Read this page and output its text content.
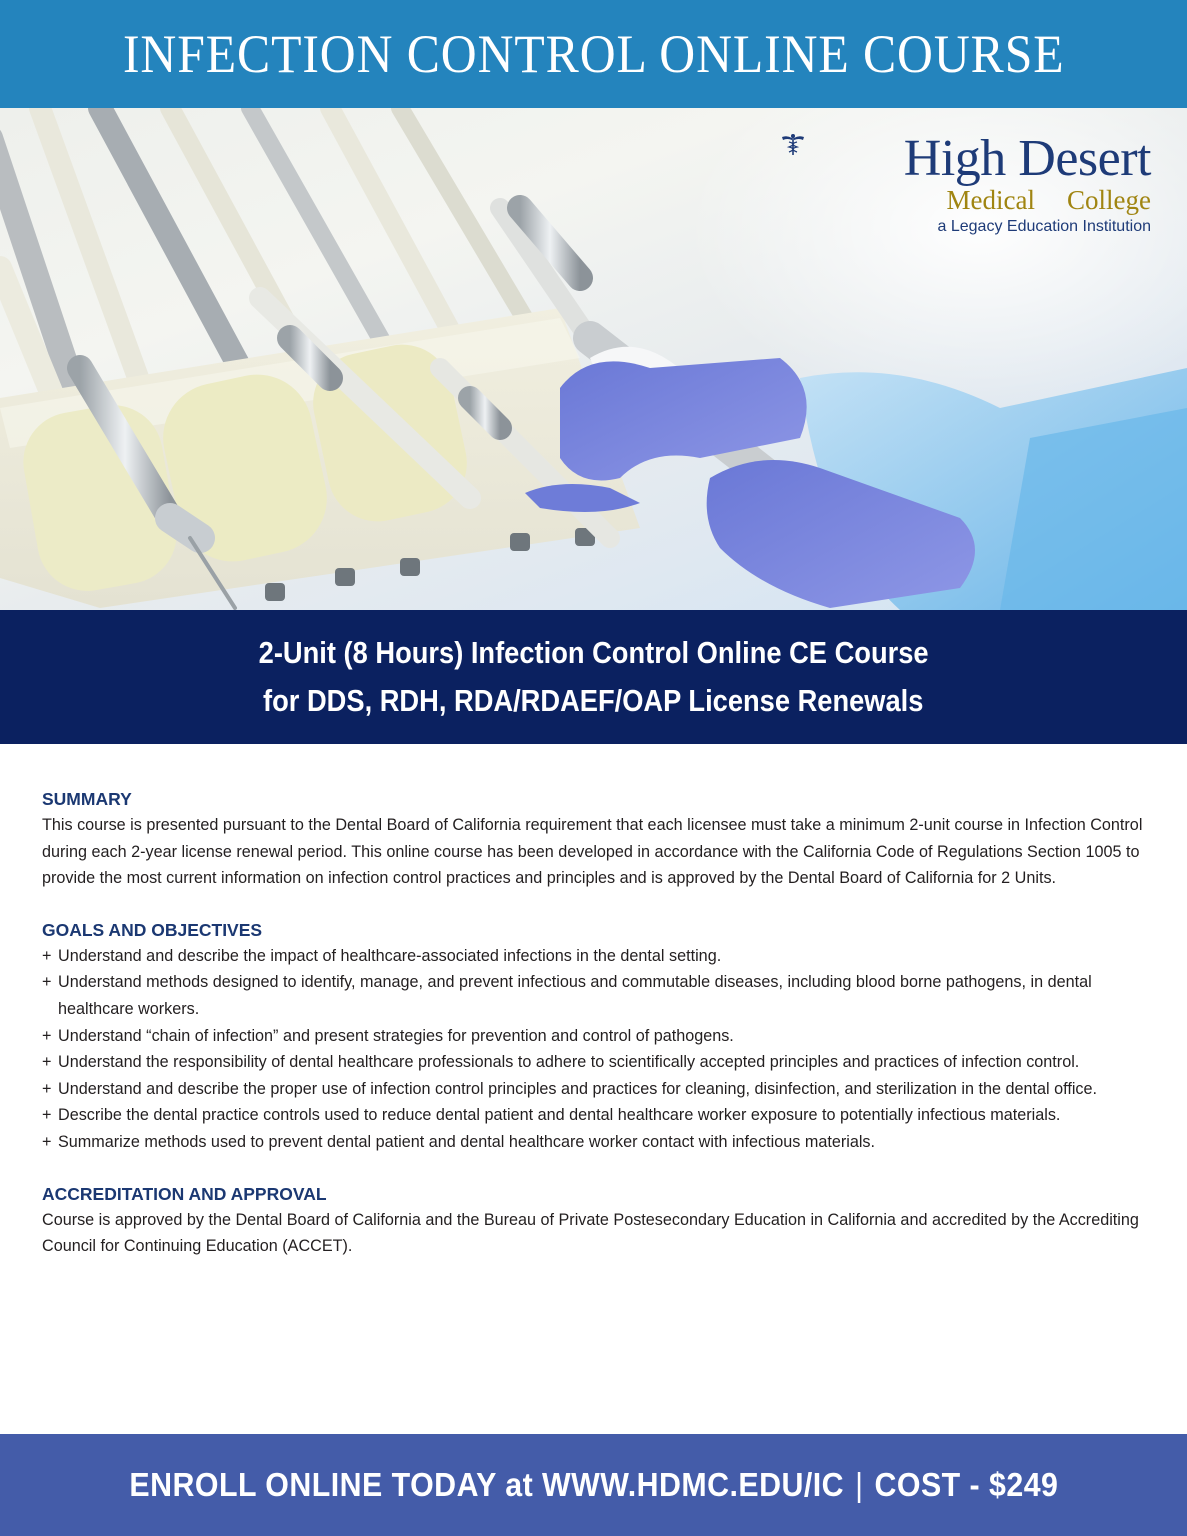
INFECTION CONTROL ONLINE COURSE
High Desert
Medical College
a Legacy Education Institution
2-Unit (8 Hours) Infection Control Online CE Course
for DDS, RDH, RDA/RDAEF/OAP License Renewals
SUMMARY

This course is presented pursuant to the Dental Board of California requirement that each licensee must take a minimum 2-unit course in Infection Control during each 2-year license renewal period. This online course has been developed in accordance with the California Code of Regulations Section 1005 to provide the most current information on infection control practices and principles and is approved by the Dental Board of California for 2 Units.

GOALS AND OBJECTIVES
+ Understand and describe the impact of healthcare-associated infections in the dental setting.
+ Understand methods designed to identify, manage, and prevent infectious and commutable diseases, including blood borne pathogens, in dental healthcare workers.
+ Understand “chain of infection” and present strategies for prevention and control of pathogens.
+ Understand the responsibility of dental healthcare professionals to adhere to scientifically accepted principles and practices of infection control.
+ Understand and describe the proper use of infection control principles and practices for cleaning, disinfection, and sterilization in the dental office.
+ Describe the dental practice controls used to reduce dental patient and dental healthcare worker exposure to potentially infectious materials.
+ Summarize methods used to prevent dental patient and dental healthcare worker contact with infectious materials.
ACCREDITATION AND APPROVAL

Course is approved by the Dental Board of California and the Bureau of Private Postesecondary Education in California and accredited by the Accrediting Council for Continuing Education (ACCET).

ENROLL ONLINE TODAY at WWW.HDMC.EDU/IC | COST - $249
